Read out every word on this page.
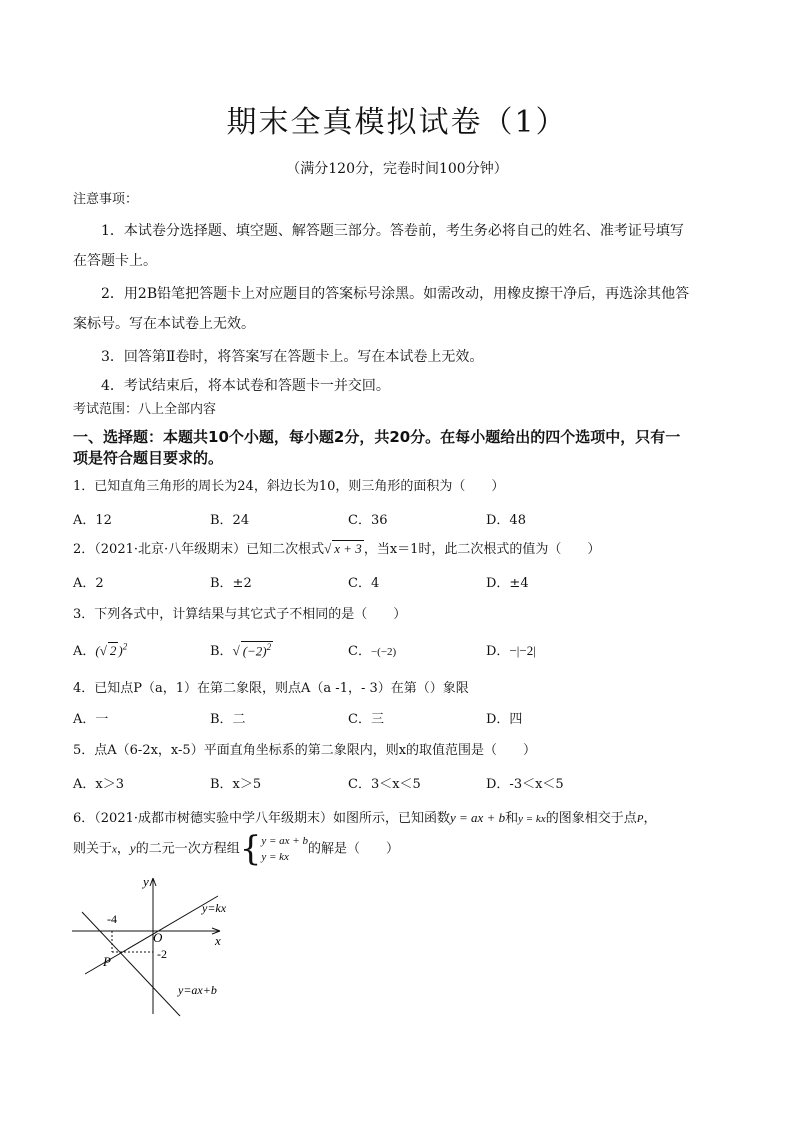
期末全真模拟试卷（1）
（满分120分，完卷时间100分钟）
注意事项：
1．本试卷分选择题、填空题、解答题三部分。答卷前，考生务必将自己的姓名、准考证号填写
在答题卡上。
2．用2B铅笔把答题卡上对应题目的答案标号涂黑。如需改动，用橡皮擦干净后，再选涂其他答
案标号。写在本试卷上无效。
3．回答第Ⅱ卷时，将答案写在答题卡上。写在本试卷上无效。
4．考试结束后，将本试卷和答题卡一并交回。
考试范围：八上全部内容
一、选择题：本题共10个小题，每小题2分，共20分。在每小题给出的四个选项中，只有一
项是符合题目要求的。
1．已知直角三角形的周长为24，斜边长为10，则三角形的面积为（　　）
A．12	B．24	C．36	D．48
2．（2021·北京·八年级期末）已知二次根式√ x + 3 ，当x＝1时，此二次根式的值为（　　）
A．2	B．±2	C．4	D．±4
3．下列各式中，计算结果与其它式子不相同的是（　　）
A．(√ 2 )$^2$	B．√ $(-2)^2$	C．−(−2)	D．−|−2|
4．已知点P（a，1）在第二象限，则点A（a -1，- 3）在第（）象限
A．一	B．二	C．三	D．四
5．点A（6-2x，x-5）平面直角坐标系的第二象限内，则x的取值范围是（　　）
A．x＞3	B．x＞5	C．3＜x＜5	D．-3＜x＜5
6．（2021·成都市树德实验中学八年级期末）如图所示，已知函数y = ax + b和y = kx的图象相交于点P，
则关于x，y的二元一次方程组{ y = ax + b
y = kx
的解是（　　）
y
x
O
-4
-2
P
y=kx
y=ax+b
